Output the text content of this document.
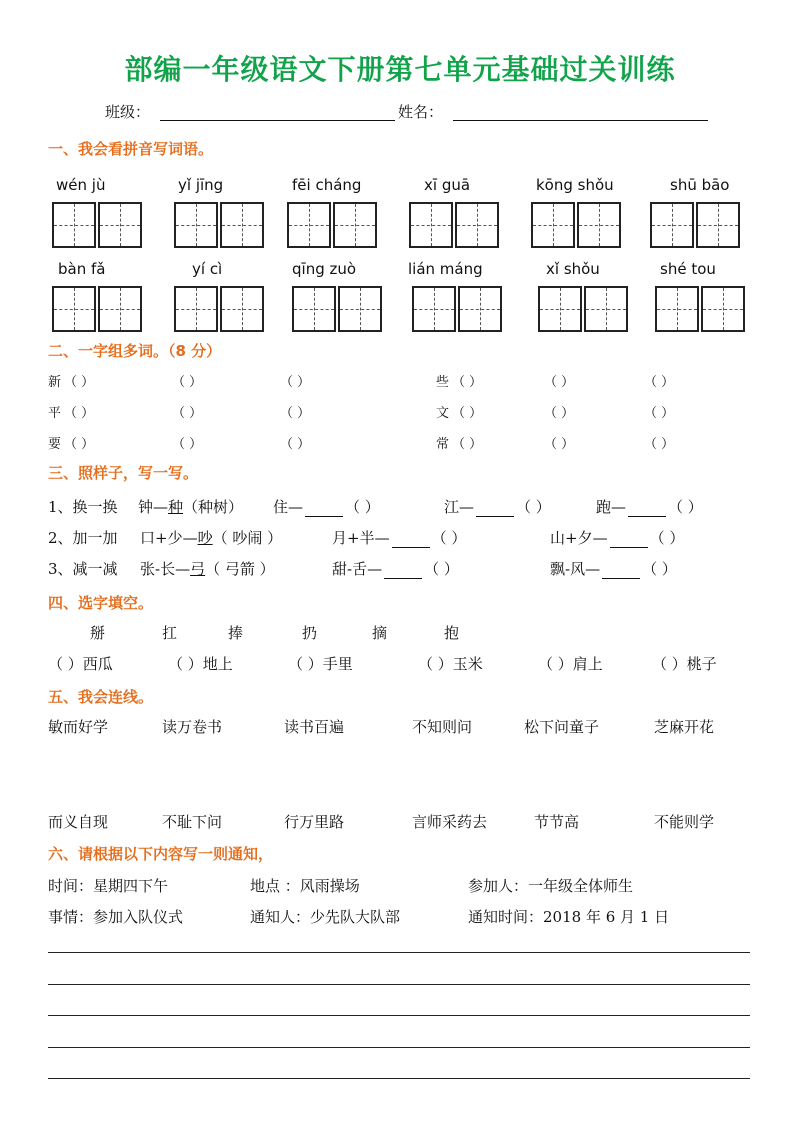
部编一年级语文下册第七单元基础过关训练
班级：	姓名：
一、我会看拼音写词语。
wén jù	yǐ jīng	fēi cháng	xī guā	kōng shǒu	shū bāo
bàn fǎ	yí cì	qīng zuò	lián máng	xǐ shǒu	shé tou
二、一字组多词。（8 分）
新 （ ）	（ ）	（ ）	些 （ ）	（ ）	（ ）
平 （ ）	（ ）	（ ）	文 （ ）	（ ）	（ ）
要 （ ）	（ ）	（ ）	常 （ ）	（ ）	（ ）
三、照样子，写一写。
1、换一换 钟—种（种树） 住—	（ ）	江—	（ ）	跑—	（ ）
2、加一加 口+少—吵（ 吵闹 ）	月+半—	（ ）	山+夕—	（ ）
3、减一减 张-长—弓（ 弓箭 ）	甜-舌—	（ ）	飘-风—	（ ）
四、选字填空。
掰	扛	捧	扔	摘	抱
（ ）西瓜	（ ）地上	（ ）手里	（ ）玉米	（ ）肩上	（ ）桃子
五、我会连线。
敏而好学	读万卷书	读书百遍	不知则问	松下问童子	芝麻开花
而义自现	不耻下问	行万里路	言师采药去	节节高	不能则学
六、请根据以下内容写一则通知，
时间：星期四下午	地点 ：风雨操场	参加人：一年级全体师生
事情：参加入队仪式	通知人：少先队大队部	通知时间：2018 年 6 月 1 日
